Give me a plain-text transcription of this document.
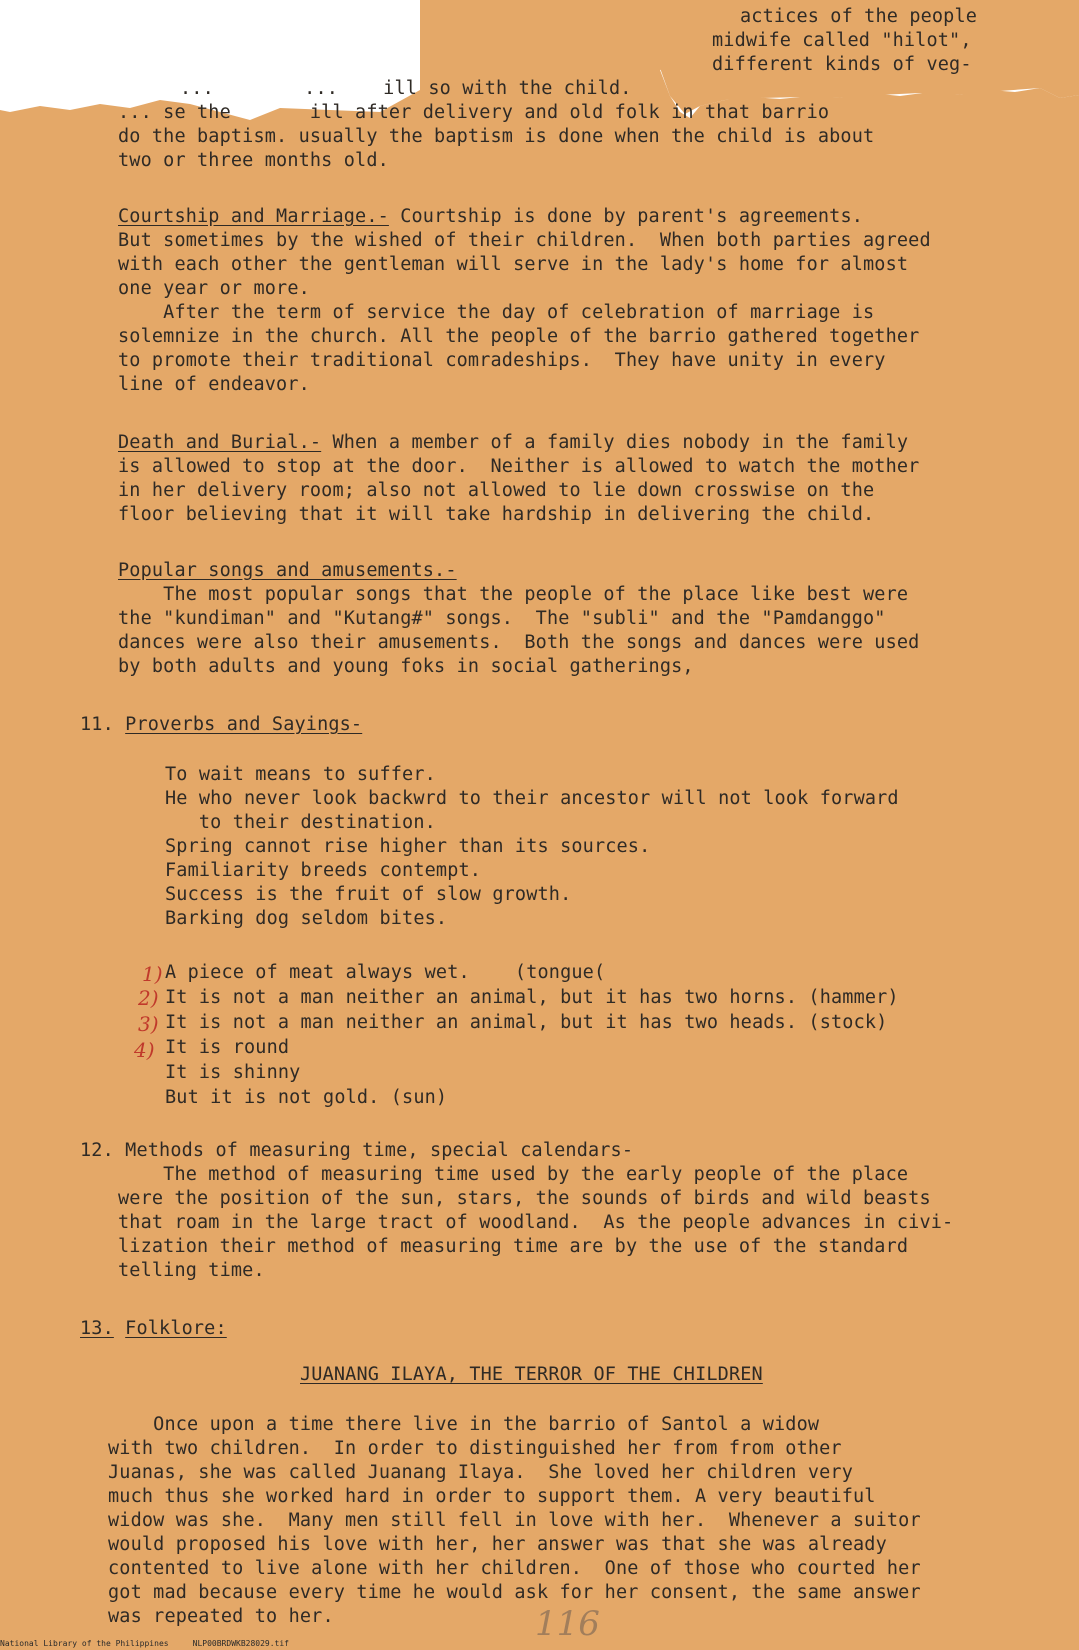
actices of the people
midwife called "hilot",
different kinds of veg-
...        ...    ill so with the child.
... se the       ill after delivery and old folk in that barrio
do the baptism. usually the baptism is done when the child is about
two or three months old.
Courtship and Marriage.- Courtship is done by parent's agreements.
But sometimes by the wished of their children.  When both parties agreed
with each other the gentleman will serve in the lady's home for almost
one year or more.
After the term of service the day of celebration of marriage is
solemnize in the church. All the people of the barrio gathered together
to promote their traditional comradeships.  They have unity in every
line of endeavor.
Death and Burial.- When a member of a family dies nobody in the family
is allowed to stop at the door.  Neither is allowed to watch the mother
in her delivery room; also not allowed to lie down crosswise on the
floor believing that it will take hardship in delivering the child.
Popular songs and amusements.-
The most popular songs that the people of the place like best were
the "kundiman" and "Kutang#" songs.  The "subli" and the "Pamdanggo"
dances were also their amusements.  Both the songs and dances were used
by both adults and young foks in social gatherings,
11. Proverbs and Sayings-
To wait means to suffer.
He who never look backwrd to their ancestor will not look forward
to their destination.
Spring cannot rise higher than its sources.
Familiarity breeds contempt.
Success is the fruit of slow growth.
Barking dog seldom bites.
1)
2)
3)
4)
A piece of meat always wet.    (tongue(
It is not a man neither an animal, but it has two horns. (hammer)
It is not a man neither an animal, but it has two heads. (stock)
It is round
It is shinny
But it is not gold. (sun)
12. Methods of measuring time, special calendars-
The method of measuring time used by the early people of the place
were the position of the sun, stars, the sounds of birds and wild beasts
that roam in the large tract of woodland.  As the people advances in civi-
lization their method of measuring time are by the use of the standard
telling time.
13. Folklore:
JUANANG ILAYA, THE TERROR OF THE CHILDREN
Once upon a time there live in the barrio of Santol a widow
with two children.  In order to distinguished her from from other
Juanas, she was called Juanang Ilaya.  She loved her children very
much thus she worked hard in order to support them. A very beautiful
widow was she.  Many men still fell in love with her.  Whenever a suitor
would proposed his love with her, her answer was that she was already
contented to live alone with her children.  One of those who courted her
got mad because every time he would ask for her consent, the same answer
was repeated to her.	116
National Library of the Philippines     NLP00BRDWKB28029.tif
